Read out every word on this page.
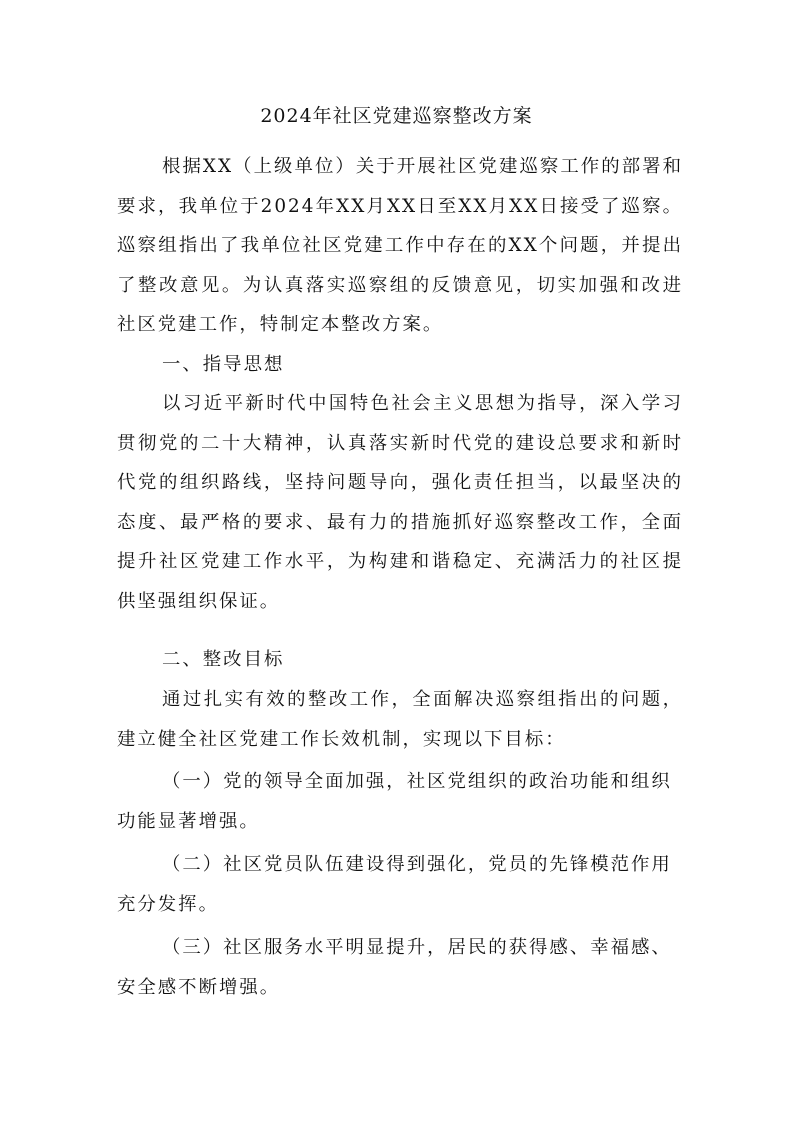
2024年社区党建巡察整改方案

根据XX（上级单位）关于开展社区党建巡察工作的部署和要求，我单位于2024年XX月XX日至XX月XX日接受了巡察。巡察组指出了我单位社区党建工作中存在的XX个问题，并提出了整改意见。为认真落实巡察组的反馈意见，切实加强和改进社区党建工作，特制定本整改方案。

一、指导思想

以习近平新时代中国特色社会主义思想为指导，深入学习贯彻党的二十大精神，认真落实新时代党的建设总要求和新时代党的组织路线，坚持问题导向，强化责任担当，以最坚决的态度、最严格的要求、最有力的措施抓好巡察整改工作，全面提升社区党建工作水平，为构建和谐稳定、充满活力的社区提供坚强组织保证。

二、整改目标

通过扎实有效的整改工作，全面解决巡察组指出的问题，建立健全社区党建工作长效机制，实现以下目标：

（一）党的领导全面加强，社区党组织的政治功能和组织功能显著增强。

（二）社区党员队伍建设得到强化，党员的先锋模范作用充分发挥。

（三）社区服务水平明显提升，居民的获得感、幸福感、安全感不断增强。
